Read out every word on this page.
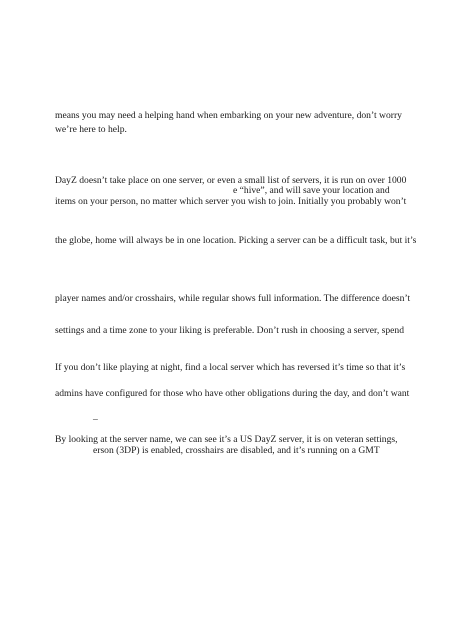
means you may need a helping hand when embarking on your new adventure, don’t worry

we’re here to help.

DayZ doesn’t take place on one server, or even a small list of servers, it is run on over 1000

e “hive”, and will save your location and

items on your person, no matter which server you wish to join. Initially you probably won’t

the globe, home will always be in one location. Picking a server can be a difficult task, but it’s

player names and/or crosshairs, while regular shows full information. The difference doesn’t

settings and a time zone to your liking is preferable. Don’t rush in choosing a server, spend

If you don’t like playing at night, find a local server which has reversed it’s time so that it’s

admins have configured for those who have other obligations during the day, and don’t want

–

By looking at the server name, we can see it’s a US DayZ server, it is on veteran settings,

erson (3DP) is enabled, crosshairs are disabled, and it’s running on a GMT
